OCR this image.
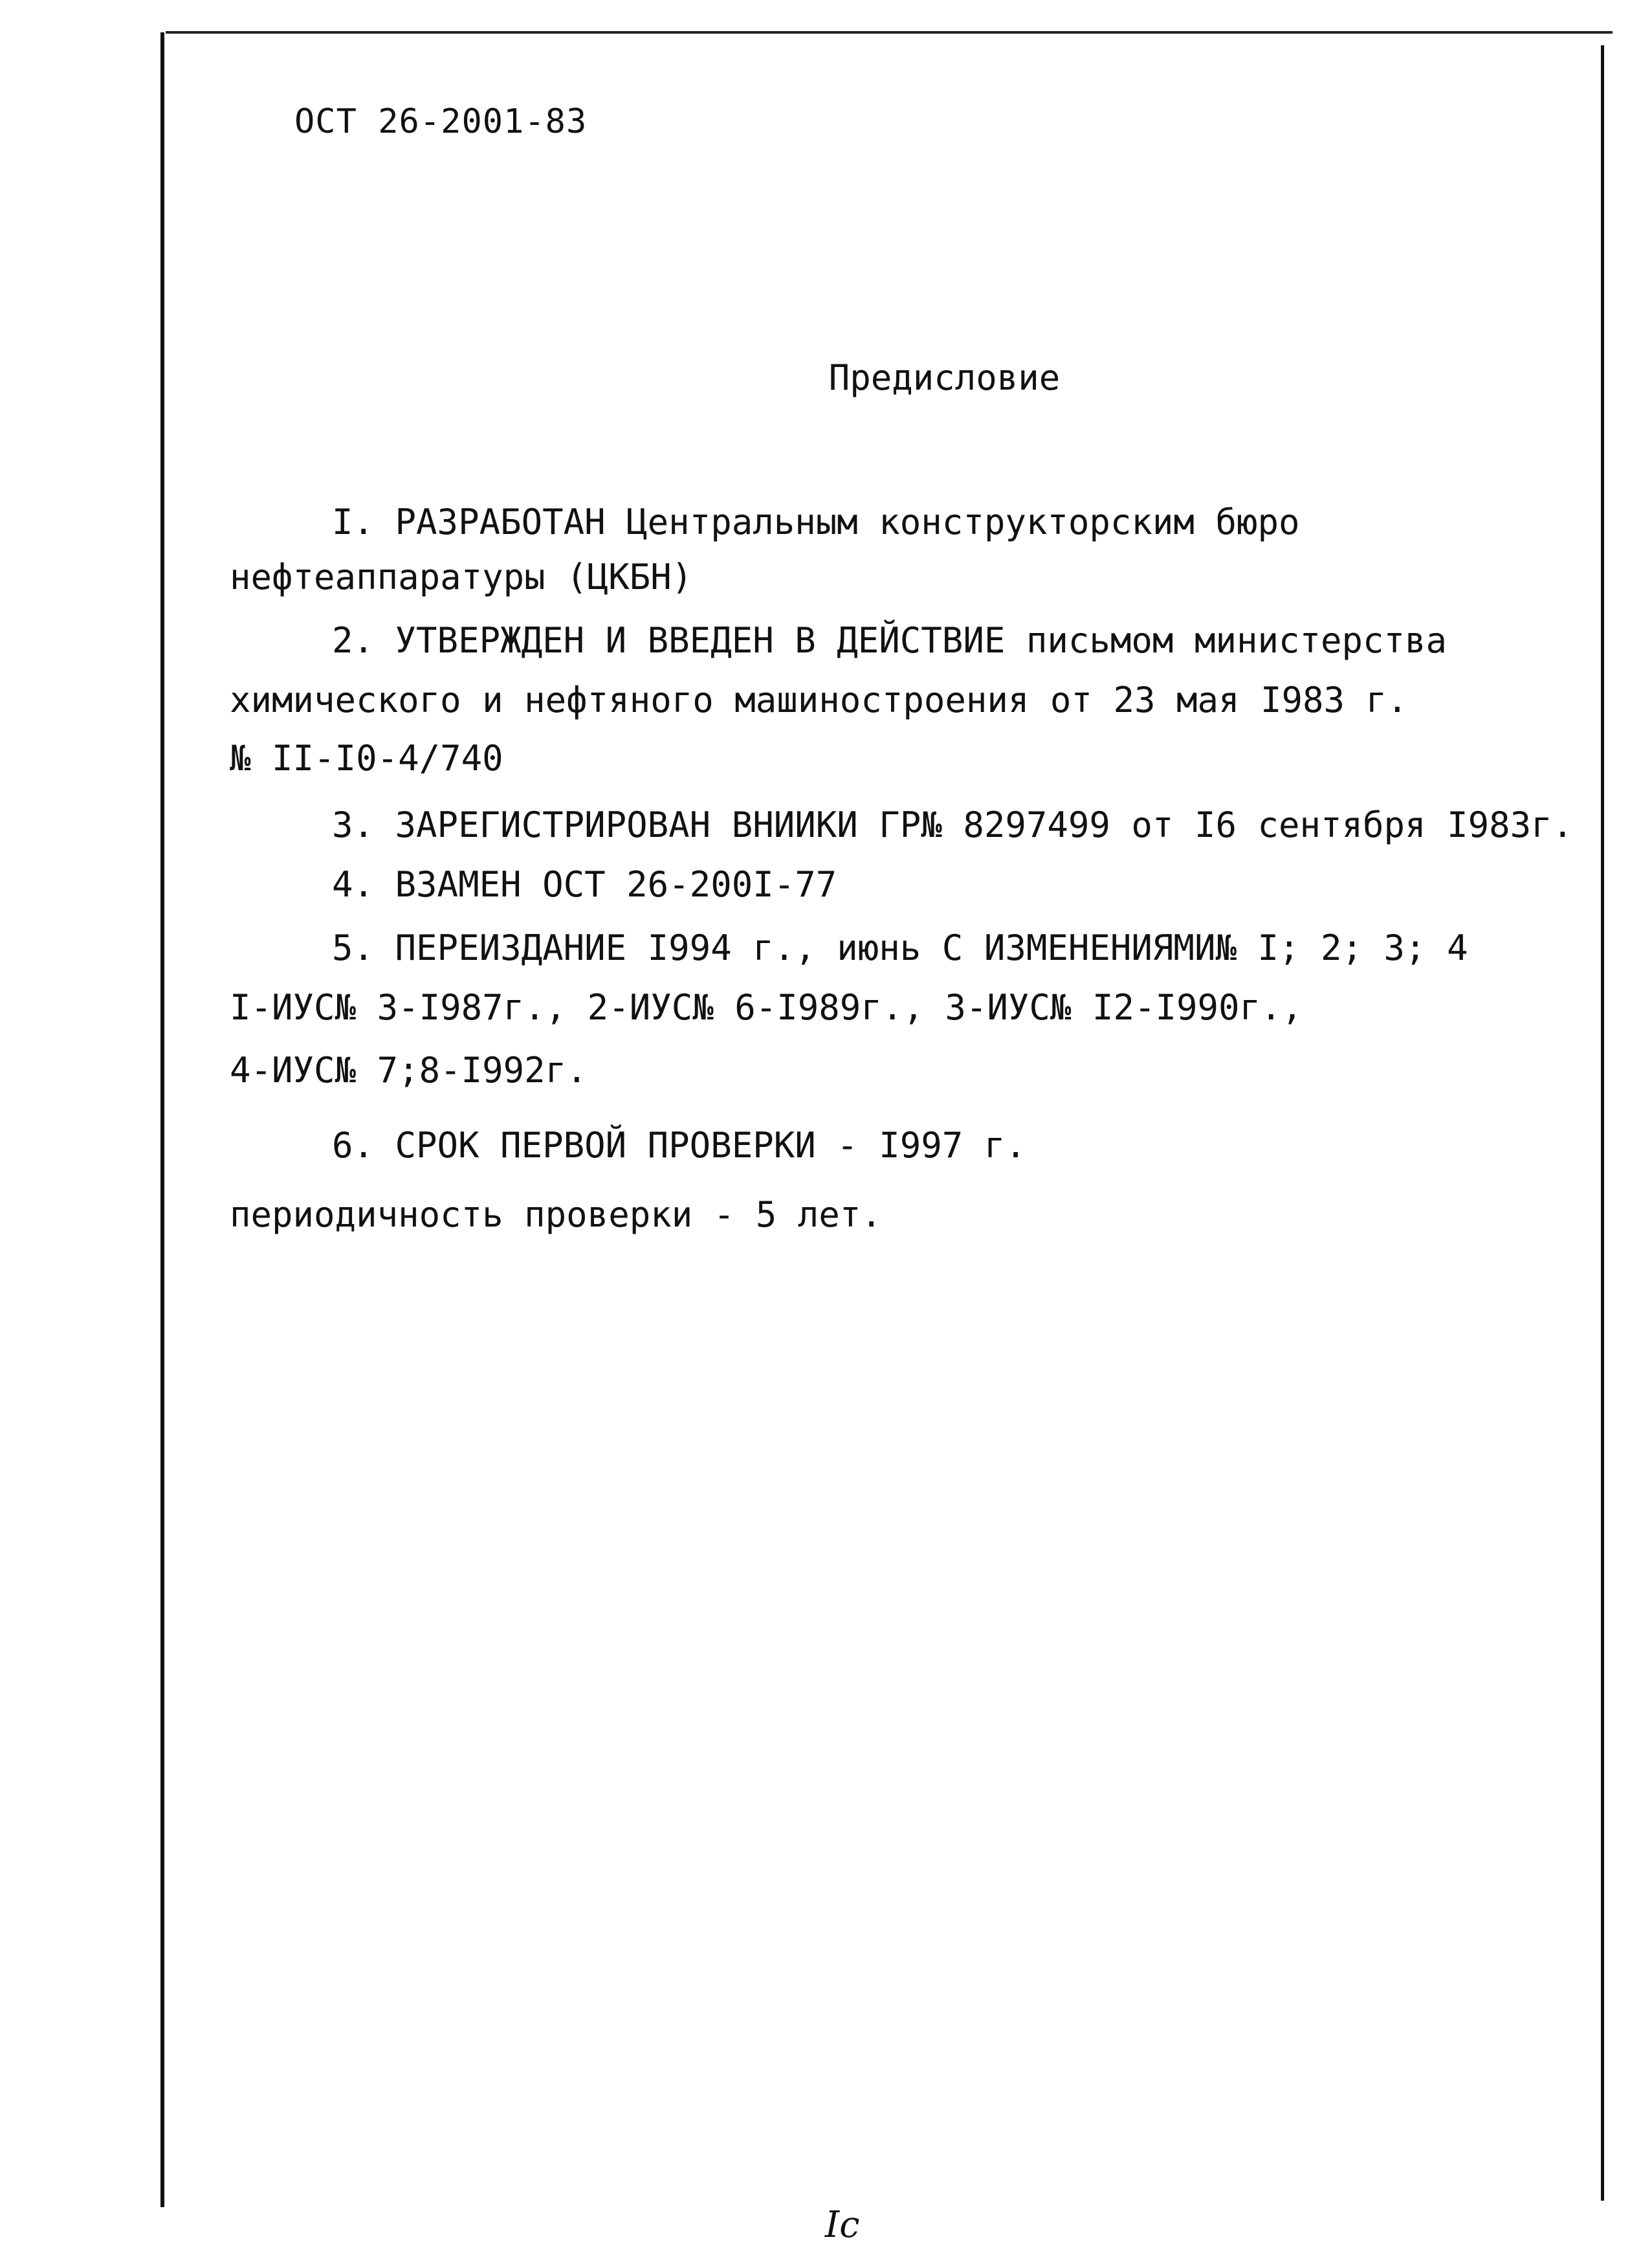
ОСТ 26-2001-83
Предисловие
I. РАЗРАБОТАН Центральным конструкторским бюро
нефтеаппаратуры (ЦКБН)
2. УТВЕРЖДЕН И ВВЕДЕН В ДЕЙСТВИЕ письмом министерства
химического и нефтяного машиностроения от 23 мая I983 г.
№ II-I0-4/740
3. ЗАРЕГИСТРИРОВАН ВНИИКИ ГР№ 8297499 от I6 сентября I983г.
4. ВЗАМЕН ОСТ 26-200I-77
5. ПЕРЕИЗДАНИЕ I994 г., июнь С ИЗМЕНЕНИЯМИ№ I; 2; 3; 4
I-ИУС№ 3-I987г., 2-ИУС№ 6-I989г., 3-ИУС№ I2-I990г.,
4-ИУС№ 7;8-I992г.
6. СРОК ПЕРВОЙ ПРОВЕРКИ - I997 г.
периодичность проверки - 5 лет.
Ic
